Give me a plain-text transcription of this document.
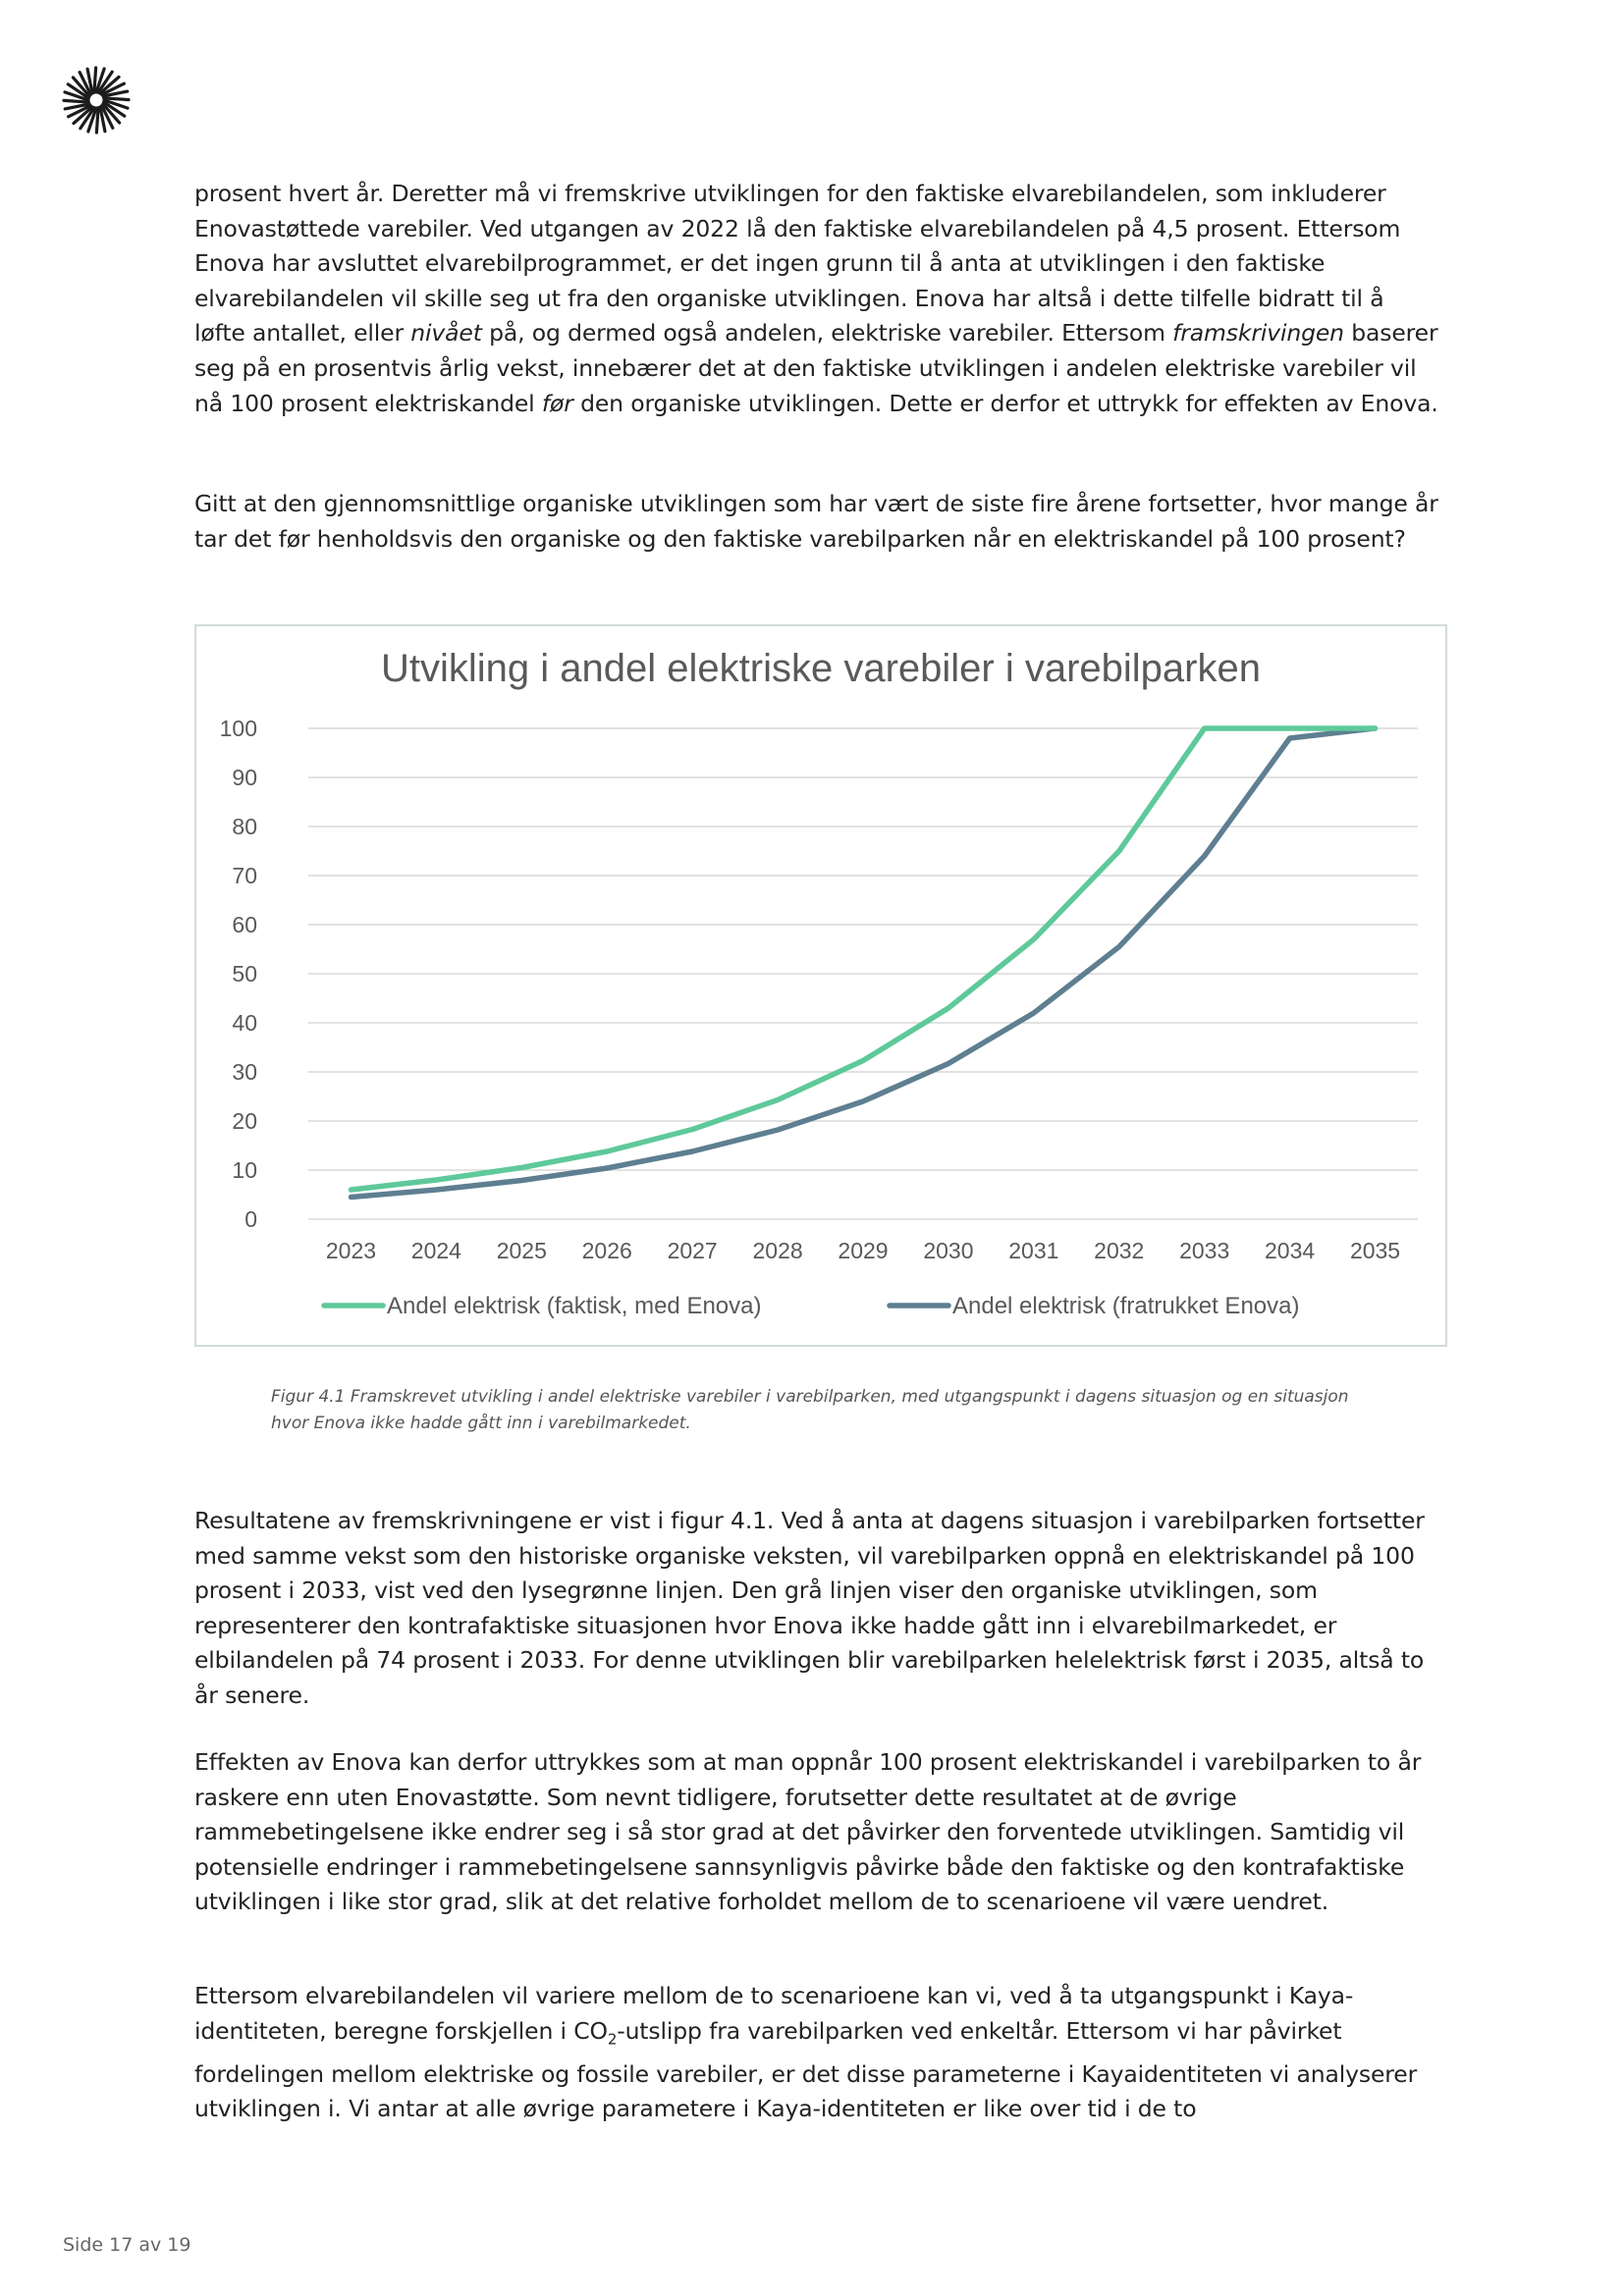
prosent hvert år. Deretter må vi fremskrive utviklingen for den faktiske elvarebilandelen, som inkluderer Enovastøttede varebiler. Ved utgangen av 2022 lå den faktiske elvarebilandelen på 4,5 prosent. Ettersom Enova har avsluttet elvarebilprogrammet, er det ingen grunn til å anta at utviklingen i den faktiske elvarebilandelen vil skille seg ut fra den organiske utviklingen. Enova har altså i dette tilfelle bidratt til å løfte antallet, eller nivået på, og dermed også andelen, elektriske varebiler. Ettersom framskrivingen baserer seg på en prosentvis årlig vekst, innebærer det at den faktiske utviklingen i andelen elektriske varebiler vil nå 100 prosent elektriskandel før den organiske utviklingen. Dette er derfor et uttrykk for effekten av Enova.

Gitt at den gjennomsnittlige organiske utviklingen som har vært de siste fire årene fortsetter, hvor mange år tar det før henholdsvis den organiske og den faktiske varebilparken når en elektriskandel på 100 prosent?

Utvikling i andel elektriske varebiler i varebilparken
0
10
20
30
40
50
60
70
80
90
100
2023 2024 2025 2026 2027 2028 2029 2030 2031 2032 2033 2034 2035
Andel elektrisk (faktisk, med Enova)	Andel elektrisk (fratrukket Enova)

Figur 4.1 Framskrevet utvikling i andel elektriske varebiler i varebilparken, med utgangspunkt i dagens situasjon og en situasjon hvor Enova ikke hadde gått inn i varebilmarkedet.

Resultatene av fremskrivningene er vist i figur 4.1. Ved å anta at dagens situasjon i varebilparken fortsetter med samme vekst som den historiske organiske veksten, vil varebilparken oppnå en elektriskandel på 100 prosent i 2033, vist ved den lysegrønne linjen. Den grå linjen viser den organiske utviklingen, som representerer den kontrafaktiske situasjonen hvor Enova ikke hadde gått inn i elvarebilmarkedet, er elbilandelen på 74 prosent i 2033. For denne utviklingen blir varebilparken helelektrisk først i 2035, altså to år senere.

Effekten av Enova kan derfor uttrykkes som at man oppnår 100 prosent elektriskandel i varebilparken to år raskere enn uten Enovastøtte. Som nevnt tidligere, forutsetter dette resultatet at de øvrige rammebetingelsene ikke endrer seg i så stor grad at det påvirker den forventede utviklingen. Samtidig vil potensielle endringer i rammebetingelsene sannsynligvis påvirke både den faktiske og den kontrafaktiske utviklingen i like stor grad, slik at det relative forholdet mellom de to scenarioene vil være uendret.

Ettersom elvarebilandelen vil variere mellom de to scenarioene kan vi, ved å ta utgangspunkt i Kaya-identiteten, beregne forskjellen i $CO_2$-utslipp fra varebilparken ved enkeltår. Ettersom vi har påvirket fordelingen mellom elektriske og fossile varebiler, er det disse parameterne i Kayaidentiteten vi analyserer utviklingen i. Vi antar at alle øvrige parametere i Kaya-identiteten er like over tid i de to

Side 17 av 19
